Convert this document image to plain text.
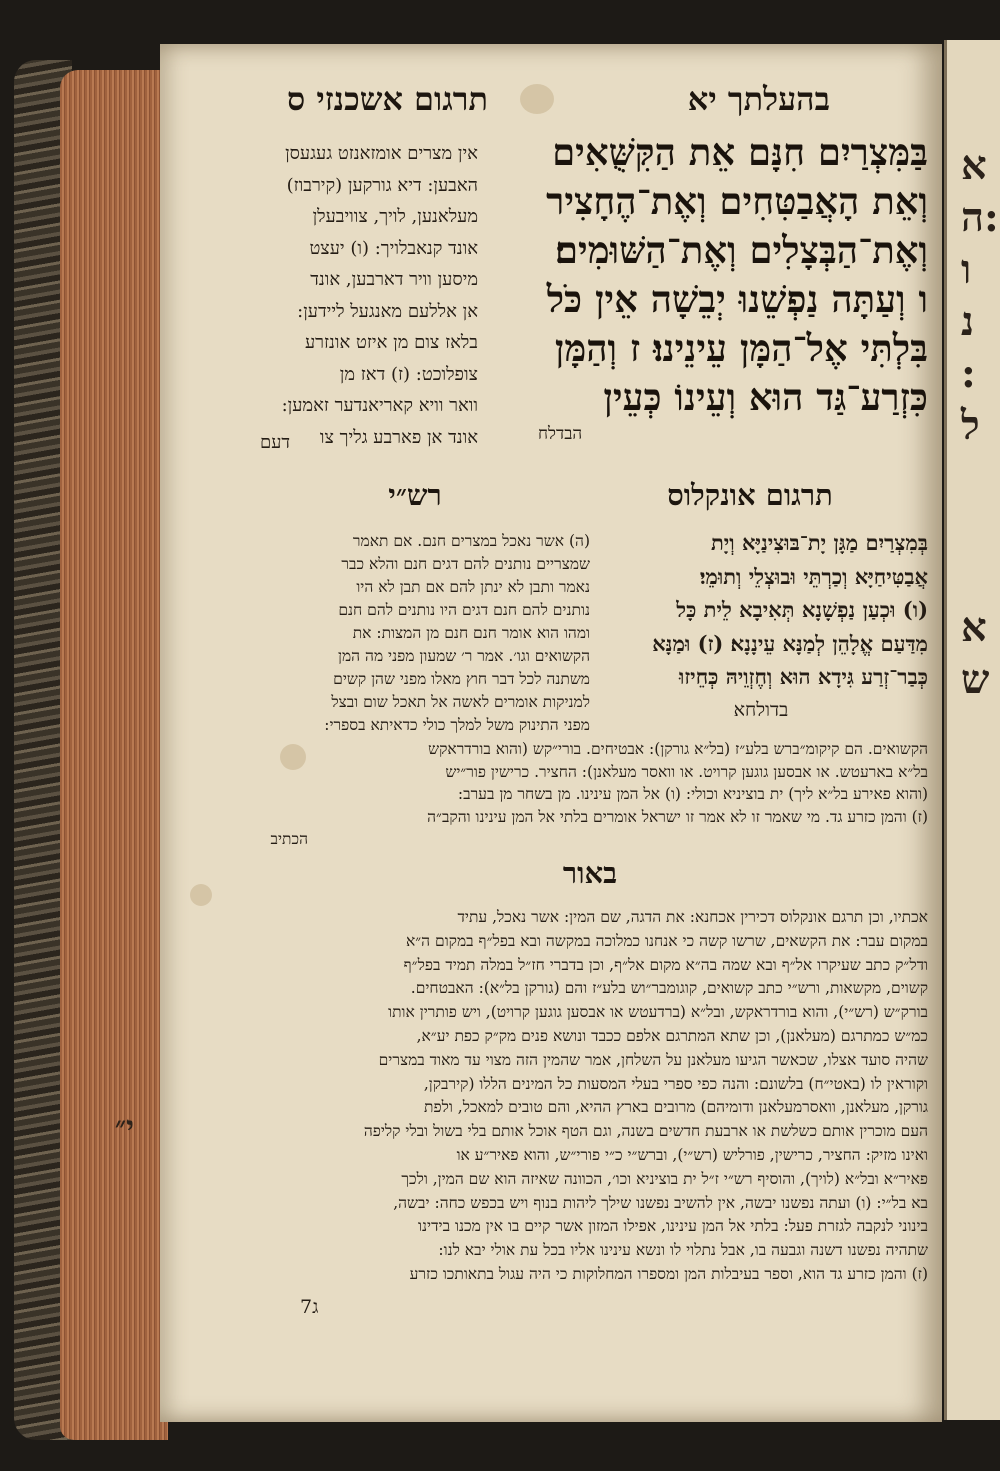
א
ה:
ו
נ
:
ל
א
ש
י״
תרגום אשכנזי ס	בהעלתך יא
בַּמִּצְרַיִם חִנָּם אֵת הַקִּשֻּׁאִים
וְאֵת הָאֲבַטִּחִים וְאֶת־הֶחָצִיר
וְאֶת־הַבְּצָלִים וְאֶת־הַשּׁוּמִים׃
ו וְעַתָּה נַפְשֵׁנוּ יְבֵשָׁה אֵין כֹּל
בִּלְתִּי אֶל־הַמָּן עֵינֵינוּ׃ ז וְהַמָּן
כִּזְרַע־גַּד הוּא וְעֵינוֹ כְּעֵין
הבדלח
אין מצרים אומזאנזט געגעסן
האבען: דיא גורקען (קירבוז)
מעלאנען, לויך, צוויבעלן
אונד קנאבלויך: (ו) יעצט
מיסען וויר דארבען, אונד
אן אללעם מאנגעל ליידען:
בלאז צום מן איזט אונזרע
צופלוכט: (ז) דאז מן
וואר וויא קאריאנדער זאמען:
אונד אן פארבע גליך צו
דעם
רש״י	תרגום אונקלוס
(ה) אשר נאכל במצרים חנם. אם תאמר
שמצריים נותנים להם דגים חנם והלא כבר
נאמר ותבן לא ינתן להם אם תבן לא היו
נותנים להם חנם דגים היו נותנים להם חנם
ומהו הוא אומר חנם חנם מן המצות: את
הקשואים וגו׳. אמר ר׳ שמעון מפני מה המן
משתנה לכל דבר חוץ מאלו מפני שהן קשים
למניקות אומרים לאשה אל תאכל שום ובצל
מפני התינוק משל למלך כולי כדאיתא בספרי:
בְּמִצְרַיִם מַגָּן יָת־בּוּצִינַיָּא וְיָת
אֲבַטִּיחַיָּא וְכַרְתֵּי וּבוּצְלֵי וְתוּמֵי׃
(ו) וּכְעַן נַפְשָׁנָא תְּאִיבָא לֵית כָּל
מִדַּעַם אֱלָהֵן לְמַנָּא עֵינָנָא׃ (ז) וּמַנָּא
כְּבַר־זְרַע גִּידָא הוּא וְחֶזְוֵיהּ כְּחֵיזוּ
בדולחא
הקשואים. הם קיקומ״ברש בלע״ז (בל״א גורקן): אבטיחים. בורי״קש (והוא בורדראקש
בל״א בארעטש. או אבסען גוגען קרויט. או וואסר מעלאנן): החציר. כרישין פור״יש
(והוא פאירע בל״א ליך) ית בוציניא וכולי: (ו) אל המן עינינו. מן בשחר מן בערב:
(ז) והמן כזרע גד. מי שאמר זו לא אמר זו ישראל אומרים בלתי אל המן עינינו והקב״ה
הכתיב
באור
אכתיו, וכן תרגם אונקלוס דכירין אכחנא: את הדגה, שם המין: אשר נאכל, עתיד
במקום עבר: את הקשאים, שרשו קשה כי אנחנו כמלוכה במקשה ובא בפל״ף במקום ה״א
ודל״ק כתב שעיקרו אל״ף ובא שמה בה״א מקום אל״ף, וכן בדברי חז״ל במלה תמיד בפל״ף
קשוים, מקשאות, ורש״י כתב קשואים, קוגומבר״וש בלע״ז והם (גורקן בל״א): האבטחים.
בורק״ש (רש״י), והוא בורדראקש, ובל״א (ברדעטש או אבסען גוגען קרויט), ויש פותרין אותו
כמ״ש כמתרגם (מעלאנן), וכן שתא המתרגם אלפם ככבד ונושא פנים מק״ק כפת יע״א,
שהיה סועד אצלו, שכאשר הגיעו מעלאנן על השלחן, אמר שהמין הזה מצוי עד מאוד במצרים
וקוראין לו (באטי״ח) בלשונם: והנה כפי ספרי בעלי המסעות כל המינים הללו (קירבקן,
גורקן, מעלאנן, וואסרמעלאנן ודומיהם) מרובים בארץ ההיא, והם טובים למאכל, ולפת
העם מוכרין אותם כשלשת או ארבעת חדשים בשנה, וגם הטף אוכל אותם בלי בשול ובלי קליפה
ואינו מזיק: החציר, כרישין, פורליש (רש״י), וברש״י כ״י פורי״ש, והוא פאיר״ע או
פאיר״א ובל״א (לויך), והוסיף רש״י ז״ל ית בוציניא וכו׳, הכוונה שאיזה הוא שם המין, ולכך
בא בל״י: (ו) ועתה נפשנו יבשה, אין להשיב נפשנו שילך ליהות בנוף ויש בכפש כחה: יבשה,
בינוני לנקבה לגזרת פעל: בלתי אל המן עינינו, אפילו המזון אשר קיים בו אין מכנו בידינו
שתהיה נפשנו דשנה וגבעה בו, אבל נתלוי לו ונשא עינינו אליו בכל עת אולי יבא לנו:
(ז) והמן כזרע גד הוא, וספר בעיבלות המן ומספרו המחלוקות כי היה עגול בתאותכו כזרע
7ג
